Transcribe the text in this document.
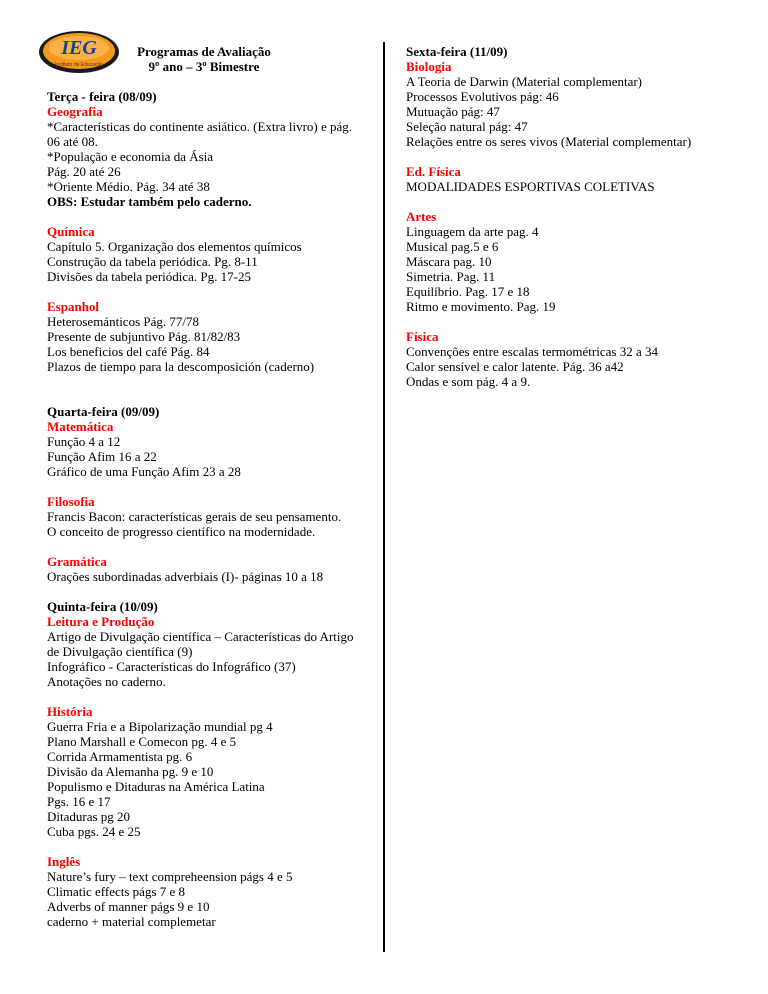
IEG
Instituto de Educação
Programas de Avaliação
9º ano – 3º Bimestre
Terça - feira (08/09)
Geografia
*Características do continente asiático. (Extra livro) e pág. 06 até 08.
*População e economia da Ásia
Pág. 20 até 26
*Oriente Médio. Pág. 34 até 38
OBS: Estudar também pelo caderno.
Química
Capítulo 5. Organização dos elementos químicos
Construção da tabela periódica. Pg. 8-11
Divisões da tabela periódica. Pg. 17-25
Espanhol
Heterosemánticos Pág. 77/78
Presente de subjuntivo Pág. 81/82/83
Los beneficios del café Pág. 84
Plazos de tiempo para la descomposición (caderno)
Quarta-feira (09/09)
Matemática
Função 4 a 12
Função Afim 16 a 22
Gráfico de uma Função Afim 23 a 28
Filosofia
Francis Bacon: características gerais de seu pensamento.
O conceito de progresso científico na modernidade.
Gramática
Orações subordinadas adverbiais (I)- páginas 10 a 18
Quinta-feira (10/09)
Leitura e Produção
Artigo de Divulgação científica – Características do Artigo de Divulgação científica (9)
Infográfico - Características do Infográfico (37)
Anotações no caderno.
História
Guerra Fria e a Bipolarização mundial pg 4
Plano Marshall e Comecon pg. 4 e 5
Corrida Armamentista pg. 6
Divisão da Alemanha pg. 9 e 10
Populismo e Ditaduras na América Latina
Pgs. 16 e 17
Ditaduras pg 20
Cuba pgs. 24 e 25
Inglês
Nature’s fury – text compreheension págs 4 e 5
Climatic effects págs 7 e 8
Adverbs of manner págs 9 e 10
caderno + material complemetar
Sexta-feira (11/09)
Biologia
A Teoria de Darwin (Material complementar)
Processos Evolutivos pág: 46
Mutuação pág: 47
Seleção natural pág: 47
Relações entre os seres vivos (Material complementar)
Ed. Física
MODALIDADES ESPORTIVAS COLETIVAS
Artes
Linguagem da arte pag. 4
Musical pag.5 e 6
Máscara pag. 10
Simetria. Pag. 11
Equilíbrio. Pag. 17 e 18
Ritmo e movimento. Pag. 19
Física
Convenções entre escalas termométricas 32 a 34
Calor sensível e calor latente. Pág. 36 a42
Ondas e som pág. 4 a 9.
